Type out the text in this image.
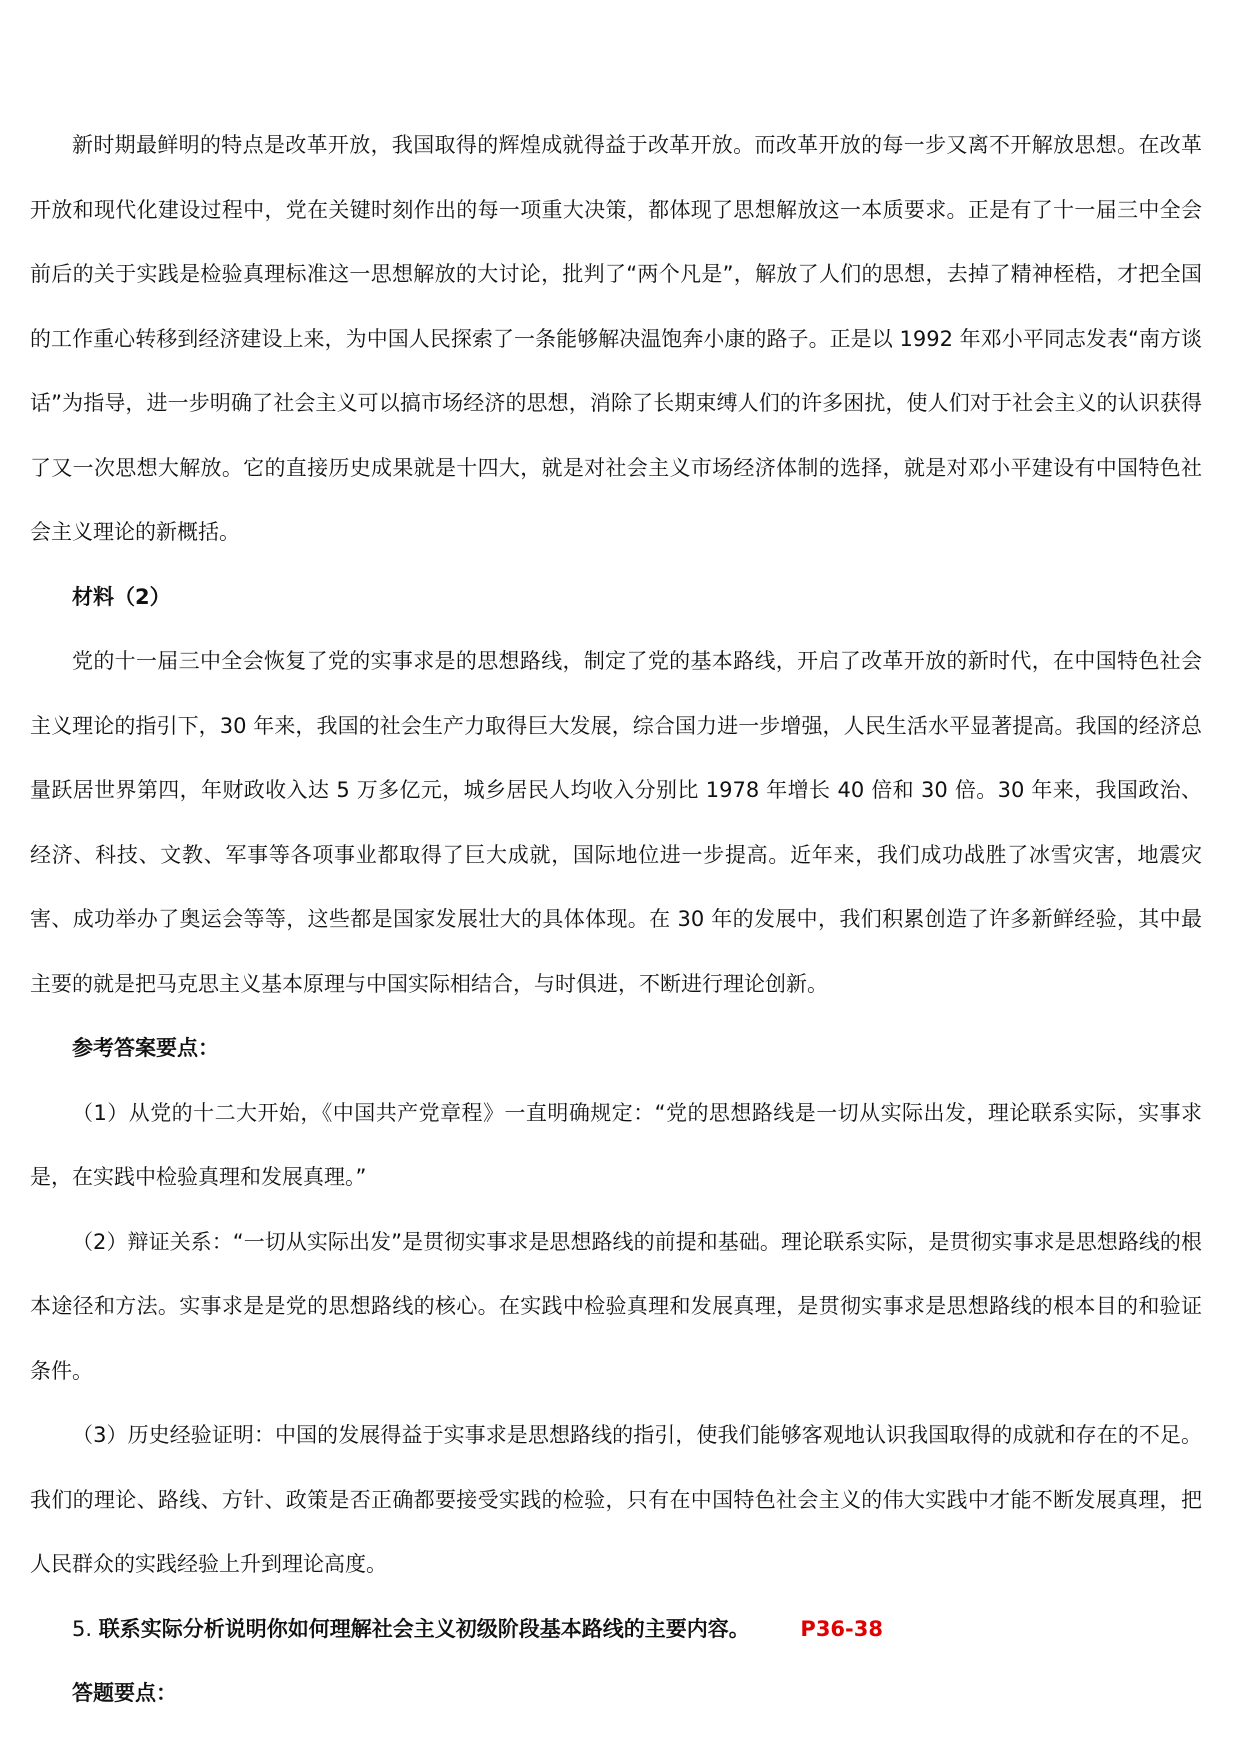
新时期最鲜明的特点是改革开放，我国取得的辉煌成就得益于改革开放。而改革开放的每一步又离不开解放思想。在改革开放和现代化建设过程中，党在关键时刻作出的每一项重大决策，都体现了思想解放这一本质要求。正是有了十一届三中全会前后的关于实践是检验真理标准这一思想解放的大讨论，批判了“两个凡是”，解放了人们的思想，去掉了精神桎梏，才把全国的工作重心转移到经济建设上来，为中国人民探索了一条能够解决温饱奔小康的路子。正是以 1992 年邓小平同志发表“南方谈话”为指导，进一步明确了社会主义可以搞市场经济的思想，消除了长期束缚人们的许多困扰，使人们对于社会主义的认识获得了又一次思想大解放。它的直接历史成果就是十四大，就是对社会主义市场经济体制的选择，就是对邓小平建设有中国特色社会主义理论的新概括。

材料（2）

党的十一届三中全会恢复了党的实事求是的思想路线，制定了党的基本路线，开启了改革开放的新时代，在中国特色社会主义理论的指引下，30 年来，我国的社会生产力取得巨大发展，综合国力进一步增强，人民生活水平显著提高。我国的经济总量跃居世界第四，年财政收入达 5 万多亿元，城乡居民人均收入分别比 1978 年增长 40 倍和 30 倍。30 年来，我国政治、经济、科技、文教、军事等各项事业都取得了巨大成就，国际地位进一步提高。近年来，我们成功战胜了冰雪灾害，地震灾害、成功举办了奥运会等等，这些都是国家发展壮大的具体体现。在 30 年的发展中，我们积累创造了许多新鲜经验，其中最主要的就是把马克思主义基本原理与中国实际相结合，与时俱进，不断进行理论创新。

参考答案要点：

（1）从党的十二大开始，《中国共产党章程》一直明确规定：“党的思想路线是一切从实际出发，理论联系实际，实事求是，在实践中检验真理和发展真理。”

（2）辩证关系：“一切从实际出发”是贯彻实事求是思想路线的前提和基础。理论联系实际，是贯彻实事求是思想路线的根本途径和方法。实事求是是党的思想路线的核心。在实践中检验真理和发展真理，是贯彻实事求是思想路线的根本目的和验证条件。

（3）历史经验证明：中国的发展得益于实事求是思想路线的指引，使我们能够客观地认识我国取得的成就和存在的不足。我们的理论、路线、方针、政策是否正确都要接受实践的检验，只有在中国特色社会主义的伟大实践中才能不断发展真理，把人民群众的实践经验上升到理论高度。

5. 联系实际分析说明你如何理解社会主义初级阶段基本路线的主要内容。 P36-38

答题要点：
